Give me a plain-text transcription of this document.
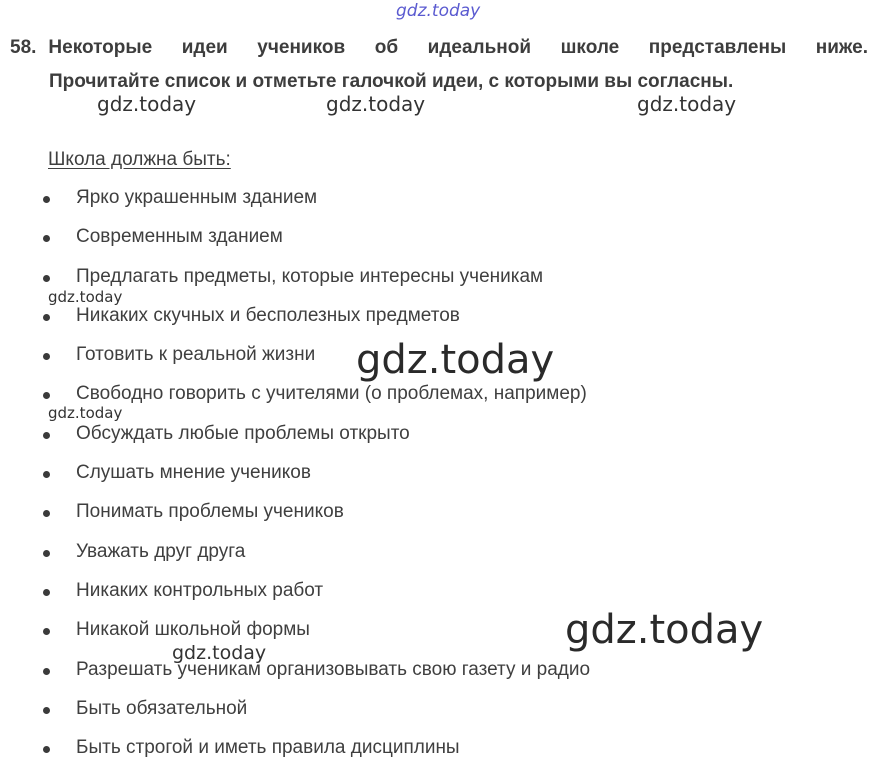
58. Некоторые идеи учеников об идеальной школе представлены ниже.
Прочитайте список и отметьте галочкой идеи, с которыми вы согласны.
Школа должна быть:
Ярко украшенным зданием
Современным зданием
Предлагать предметы, которые интересны ученикам
Никаких скучных и бесполезных предметов
Готовить к реальной жизни
Свободно говорить с учителями (о проблемах, например)
Обсуждать любые проблемы открыто
Слушать мнение учеников
Понимать проблемы учеников
Уважать друг друга
Никаких контрольных работ
Никакой школьной формы
Разрешать ученикам организовывать свою газету и радио
Быть обязательной
Быть строгой и иметь правила дисциплины
gdz.today
gdz.today	gdz.today	gdz.today
gdz.today
gdz.today
gdz.today
gdz.today
gdz.today
